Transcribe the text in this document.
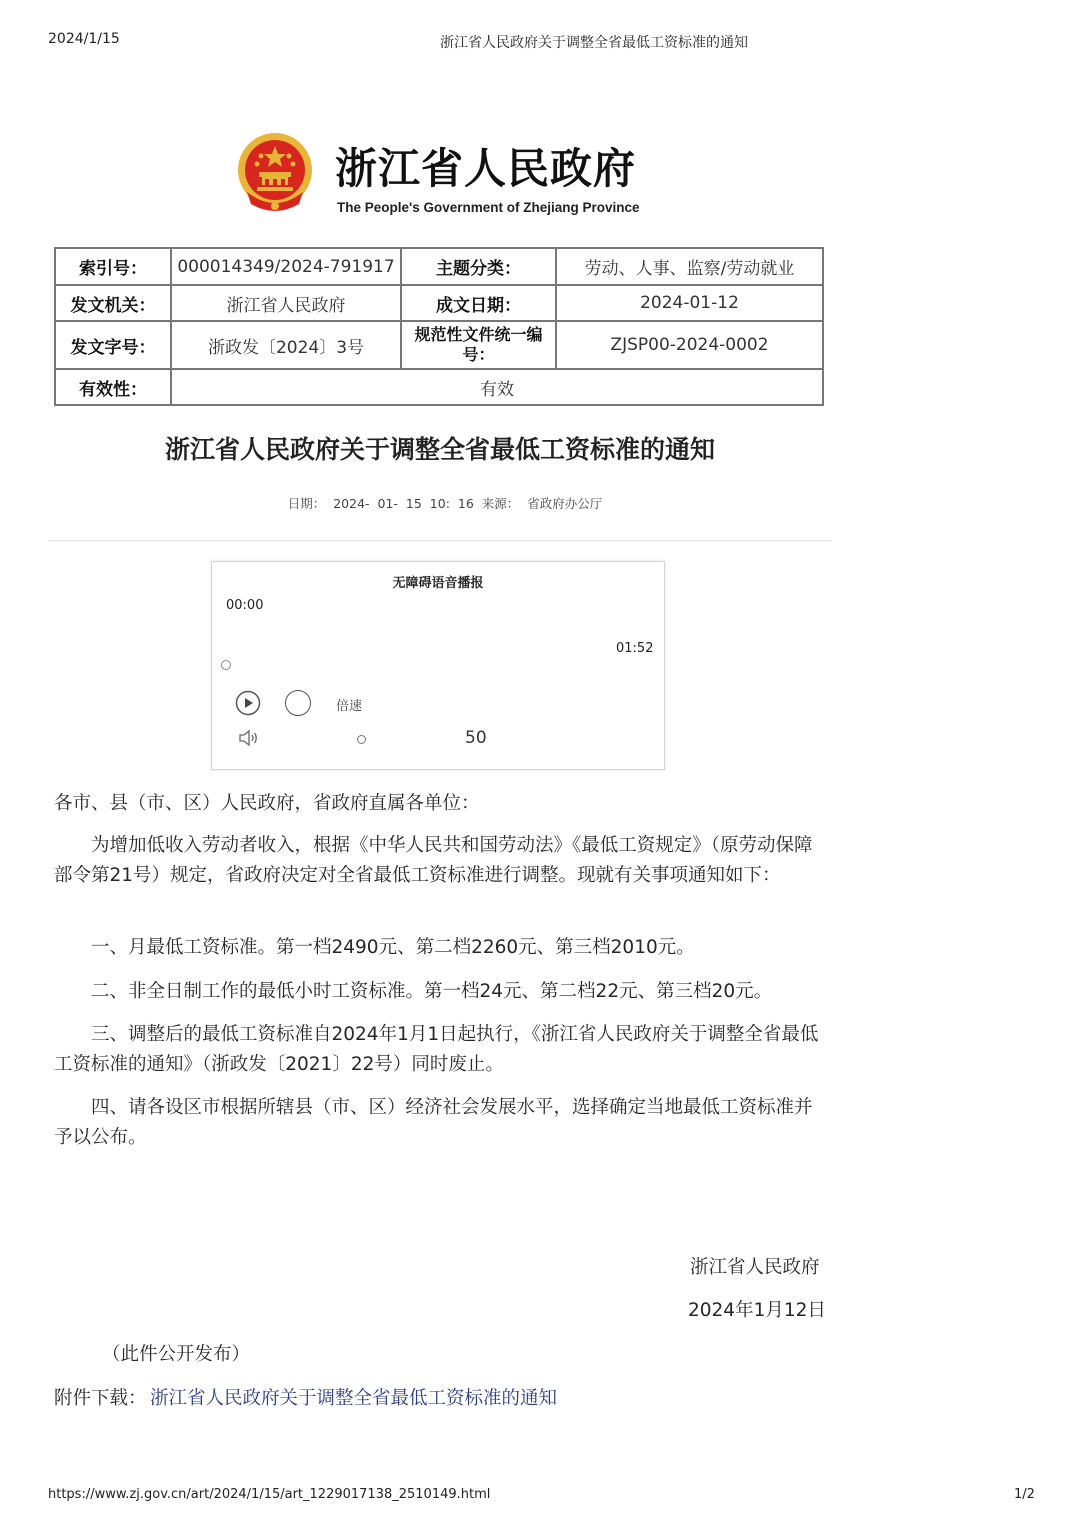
2024/1/15	浙江省人民政府关于调整全省最低工资标准的通知
浙江省人民政府
The People's Government of Zhejiang Province
索引号：	000014349/2024-791917	主题分类：	劳动、人事、监察/劳动就业
发文机关：	浙江省人民政府	成文日期：	2024-01-12
发文字号：	浙政发〔2024〕3号	规范性文件统一编号：	ZJSP00-2024-0002
有效性：	有效		
浙江省人民政府关于调整全省最低工资标准的通知
日期： 2024- 01- 15 10: 16 来源： 省政府办公厅
无障碍语音播报
00:00
01:52
倍速
50
各市、县（市、区）人民政府，省政府直属各单位：
为增加低收入劳动者收入，根据《中华人民共和国劳动法》《最低工资规定》（原劳动保障部令第21号）规定，省政府决定对全省最低工资标准进行调整。现就有关事项通知如下：
一、月最低工资标准。第一档2490元、第二档2260元、第三档2010元。
二、非全日制工作的最低小时工资标准。第一档24元、第二档22元、第三档20元。
三、调整后的最低工资标准自2024年1月1日起执行，《浙江省人民政府关于调整全省最低工资标准的通知》（浙政发〔2021〕22号）同时废止。
四、请各设区市根据所辖县（市、区）经济社会发展水平，选择确定当地最低工资标准并予以公布。
浙江省人民政府
2024年1月12日
（此件公开发布）
附件下载： 浙江省人民政府关于调整全省最低工资标准的通知
https://www.zj.gov.cn/art/2024/1/15/art_1229017138_2510149.html	1/2
